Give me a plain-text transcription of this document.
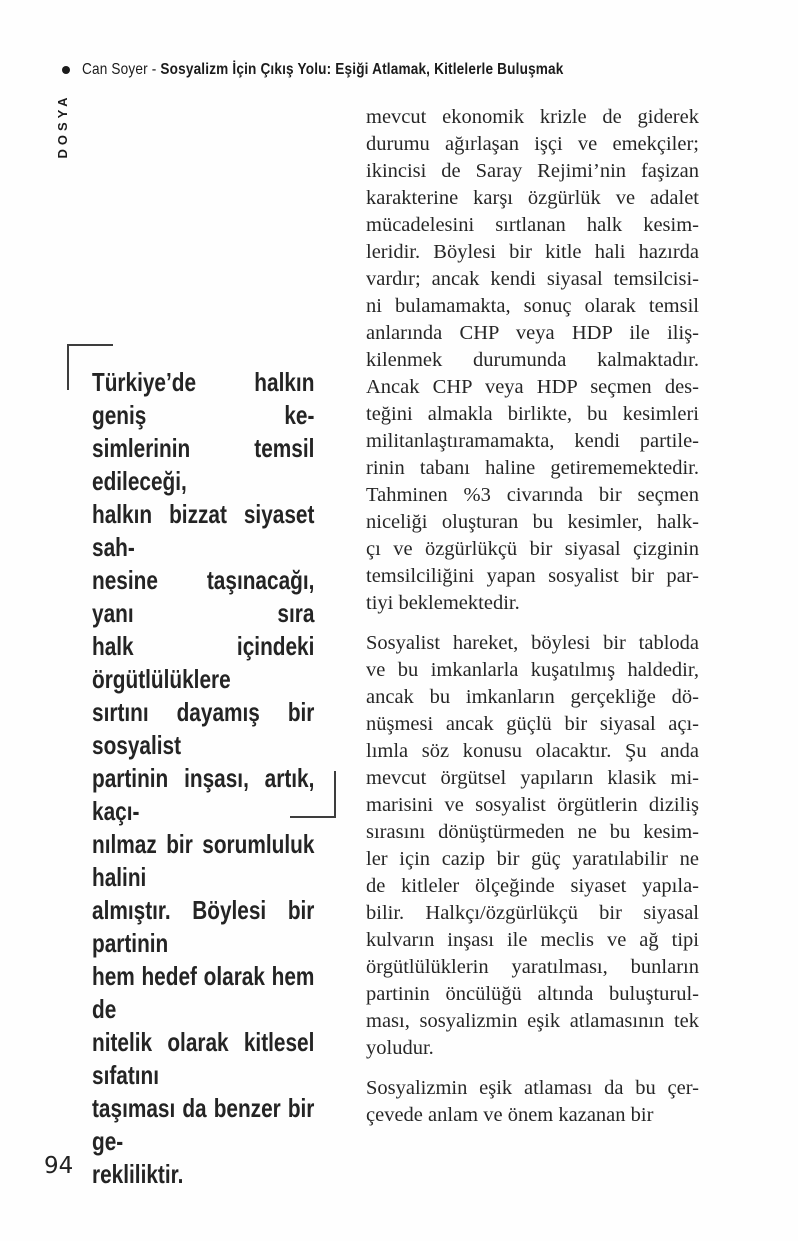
Can Soyer - Sosyalizm İçin Çıkış Yolu: Eşiği Atlamak, Kitlelerle Buluşmak
DOSYA
Türkiye’de halkın geniş ke-
simlerinin temsil edileceği,
halkın bizzat siyaset sah-
nesine taşınacağı, yanı sıra
halk içindeki örgütlülüklere
sırtını dayamış bir sosyalist
partinin inşası, artık, kaçı-
nılmaz bir sorumluluk halini
almıştır. Böylesi bir partinin
hem hedef olarak hem de
nitelik olarak kitlesel sıfatını
taşıması da benzer bir ge-
rekliliktir.
mevcut ekonomik krizle de giderek
durumu ağırlaşan işçi ve emekçiler;
ikincisi de Saray Rejimi’nin faşizan
karakterine karşı özgürlük ve adalet
mücadelesini sırtlanan halk kesim-
leridir. Böylesi bir kitle hali hazırda
vardır; ancak kendi siyasal temsilcisi-
ni bulamamakta, sonuç olarak temsil
anlarında CHP veya HDP ile iliş-
kilenmek durumunda kalmaktadır.
Ancak CHP veya HDP seçmen des-
teğini almakla birlikte, bu kesimleri
militanlaştıramamakta, kendi partile-
rinin tabanı haline getirememektedir.
Tahminen %3 civarında bir seçmen
niceliği oluşturan bu kesimler, halk-
çı ve özgürlükçü bir siyasal çizginin
temsilciliğini yapan sosyalist bir par-
tiyi beklemektedir.
Sosyalist hareket, böylesi bir tabloda
ve bu imkanlarla kuşatılmış haldedir,
ancak bu imkanların gerçekliğe dö-
nüşmesi ancak güçlü bir siyasal açı-
lımla söz konusu olacaktır. Şu anda
mevcut örgütsel yapıların klasik mi-
marisini ve sosyalist örgütlerin diziliş
sırasını dönüştürmeden ne bu kesim-
ler için cazip bir güç yaratılabilir ne
de kitleler ölçeğinde siyaset yapıla-
bilir. Halkçı/özgürlükçü bir siyasal
kulvarın inşası ile meclis ve ağ tipi
örgütlülüklerin yaratılması, bunların
partinin öncülüğü altında buluşturul-
ması, sosyalizmin eşik atlamasının tek
yoludur.
Sosyalizmin eşik atlaması da bu çer-
çevede anlam ve önem kazanan bir
94
